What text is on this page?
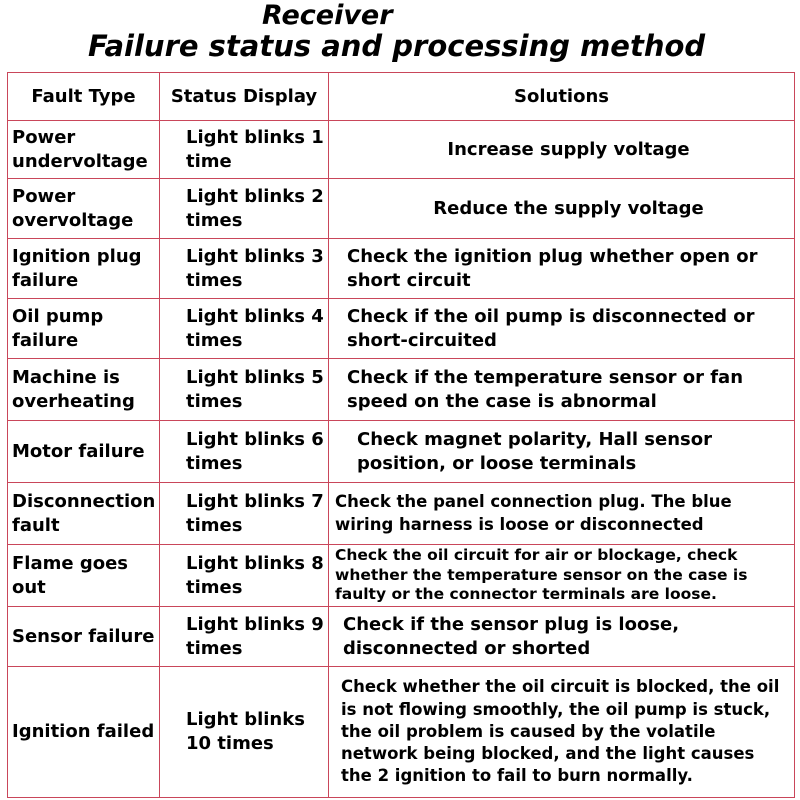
Receiver
Failure status and processing method
Fault Type	Status Display	Solutions
Power undervoltage	Light blinks 1 time	Increase supply voltage
Power overvoltage	Light blinks 2 times	Reduce the supply voltage
Ignition plug failure	Light blinks 3 times	Check the ignition plug whether open or short circuit
Oil pump failure	Light blinks 4 times	Check if the oil pump is disconnected or short-circuited
Machine is overheating	Light blinks 5 times	Check if the temperature sensor or fan speed on the case is abnormal
Motor failure	Light blinks 6 times	Check magnet polarity, Hall sensor position, or loose terminals
Disconnection fault	Light blinks 7 times	Check the panel connection plug. The blue wiring harness is loose or disconnected
Flame goes out	Light blinks 8 times	Check the oil circuit for air or blockage, check whether the temperature sensor on the case is faulty or the connector terminals are loose.
Sensor failure	Light blinks 9 times	Check if the sensor plug is loose, disconnected or shorted
Ignition failed	Light blinks 10 times	Check whether the oil circuit is blocked, the oil is not flowing smoothly, the oil pump is stuck, the oil problem is caused by the volatile network being blocked, and the light causes the 2 ignition to fail to burn normally.
